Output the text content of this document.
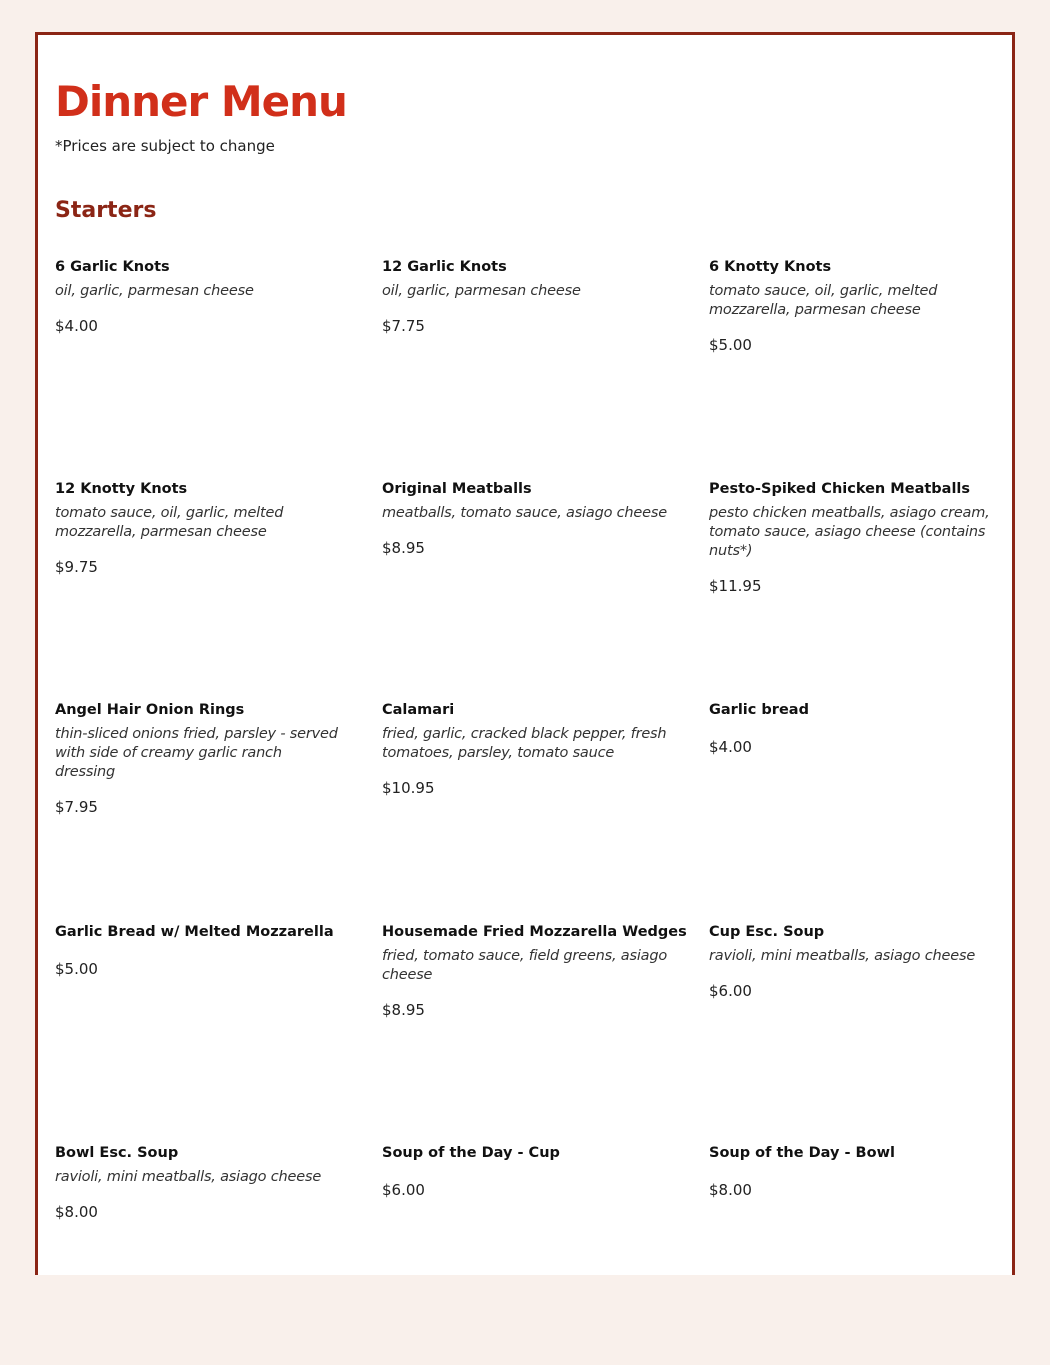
Dinner Menu
*Prices are subject to change
Starters
6 Garlic Knots
oil, garlic, parmesan cheese
$4.00
12 Garlic Knots
oil, garlic, parmesan cheese
$7.75
6 Knotty Knots
tomato sauce, oil, garlic, melted mozzarella, parmesan cheese
$5.00
12 Knotty Knots
tomato sauce, oil, garlic, melted mozzarella, parmesan cheese
$9.75
Original Meatballs
meatballs, tomato sauce, asiago cheese
$8.95
Pesto-Spiked Chicken Meatballs
pesto chicken meatballs, asiago cream, tomato sauce, asiago cheese (contains nuts*)
$11.95
Angel Hair Onion Rings
thin-sliced onions fried, parsley - served with side of creamy garlic ranch dressing
$7.95
Calamari
fried, garlic, cracked black pepper, fresh tomatoes, parsley, tomato sauce
$10.95
Garlic bread
$4.00
Garlic Bread w/ Melted Mozzarella
$5.00
Housemade Fried Mozzarella Wedges
fried, tomato sauce, field greens, asiago cheese
$8.95
Cup Esc. Soup
ravioli, mini meatballs, asiago cheese
$6.00
Bowl Esc. Soup
ravioli, mini meatballs, asiago cheese
$8.00
Soup of the Day - Cup
$6.00
Soup of the Day - Bowl
$8.00
